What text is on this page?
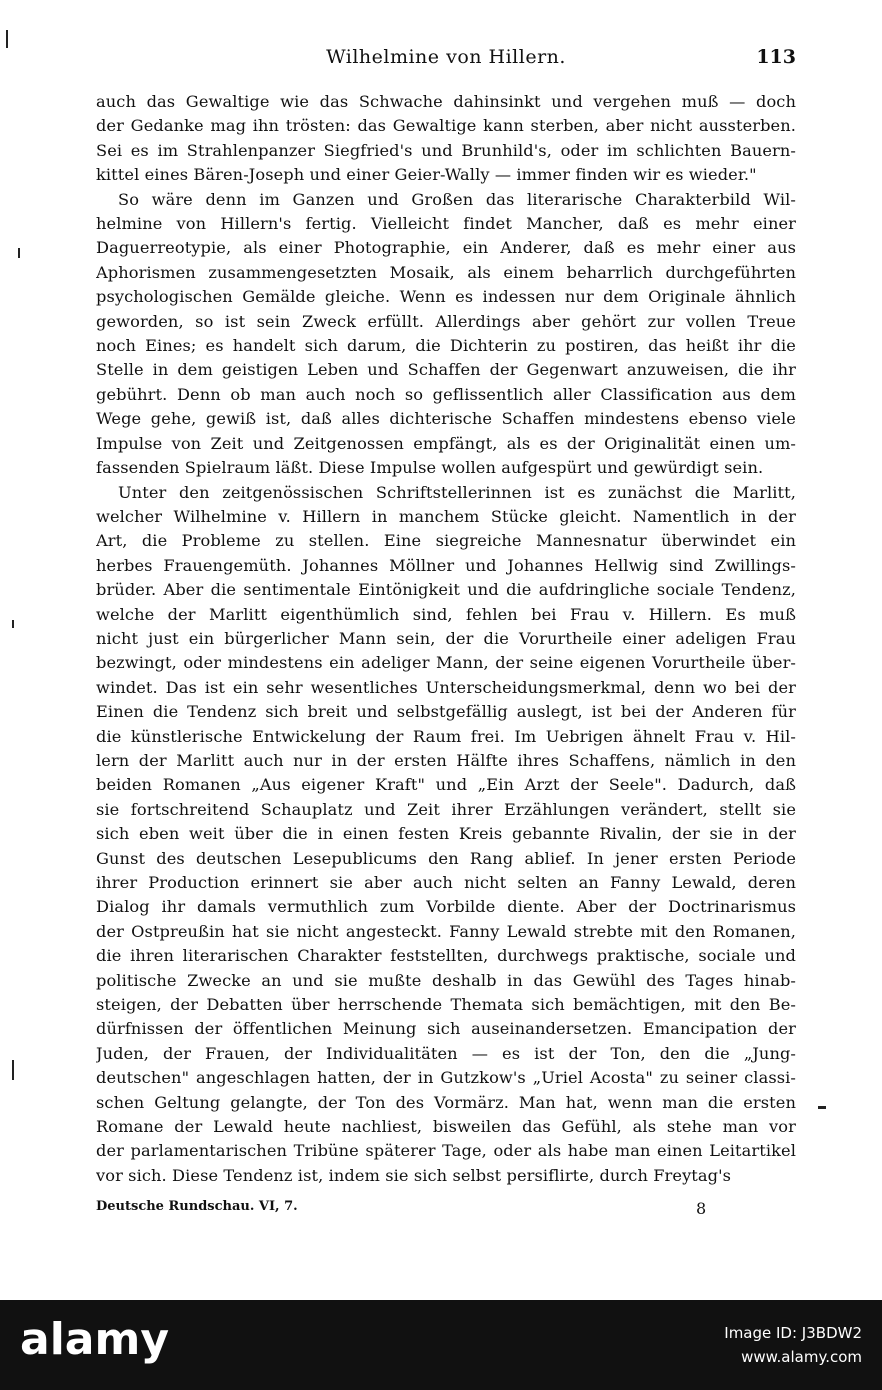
Wilhelmine von Hillern.	113
auch das Gewaltige wie das Schwache dahinsinkt und vergehen muß — doch
der Gedanke mag ihn trösten: das Gewaltige kann sterben, aber nicht aussterben.
Sei es im Strahlenpanzer Siegfried's und Brunhild's, oder im schlichten Bauern-
kittel eines Bären-Joseph und einer Geier-Wally — immer finden wir es wieder."
So wäre denn im Ganzen und Großen das literarische Charakterbild Wil-
helmine von Hillern's fertig. Vielleicht findet Mancher, daß es mehr einer
Daguerreotypie, als einer Photographie, ein Anderer, daß es mehr einer aus
Aphorismen zusammengesetzten Mosaik, als einem beharrlich durchgeführten
psychologischen Gemälde gleiche. Wenn es indessen nur dem Originale ähnlich
geworden, so ist sein Zweck erfüllt. Allerdings aber gehört zur vollen Treue
noch Eines; es handelt sich darum, die Dichterin zu postiren, das heißt ihr die
Stelle in dem geistigen Leben und Schaffen der Gegenwart anzuweisen, die ihr
gebührt. Denn ob man auch noch so geflissentlich aller Classification aus dem
Wege gehe, gewiß ist, daß alles dichterische Schaffen mindestens ebenso viele
Impulse von Zeit und Zeitgenossen empfängt, als es der Originalität einen um-
fassenden Spielraum läßt. Diese Impulse wollen aufgespürt und gewürdigt sein.
Unter den zeitgenössischen Schriftstellerinnen ist es zunächst die Marlitt,
welcher Wilhelmine v. Hillern in manchem Stücke gleicht. Namentlich in der
Art, die Probleme zu stellen. Eine siegreiche Mannesnatur überwindet ein
herbes Frauengemüth. Johannes Möllner und Johannes Hellwig sind Zwillings-
brüder. Aber die sentimentale Eintönigkeit und die aufdringliche sociale Tendenz,
welche der Marlitt eigenthümlich sind, fehlen bei Frau v. Hillern. Es muß
nicht just ein bürgerlicher Mann sein, der die Vorurtheile einer adeligen Frau
bezwingt, oder mindestens ein adeliger Mann, der seine eigenen Vorurtheile über-
windet. Das ist ein sehr wesentliches Unterscheidungsmerkmal, denn wo bei der
Einen die Tendenz sich breit und selbstgefällig auslegt, ist bei der Anderen für
die künstlerische Entwickelung der Raum frei. Im Uebrigen ähnelt Frau v. Hil-
lern der Marlitt auch nur in der ersten Hälfte ihres Schaffens, nämlich in den
beiden Romanen „Aus eigener Kraft" und „Ein Arzt der Seele". Dadurch, daß
sie fortschreitend Schauplatz und Zeit ihrer Erzählungen verändert, stellt sie
sich eben weit über die in einen festen Kreis gebannte Rivalin, der sie in der
Gunst des deutschen Lesepublicums den Rang ablief. In jener ersten Periode
ihrer Production erinnert sie aber auch nicht selten an Fanny Lewald, deren
Dialog ihr damals vermuthlich zum Vorbilde diente. Aber der Doctrinarismus
der Ostpreußin hat sie nicht angesteckt. Fanny Lewald strebte mit den Romanen,
die ihren literarischen Charakter feststellten, durchwegs praktische, sociale und
politische Zwecke an und sie mußte deshalb in das Gewühl des Tages hinab-
steigen, der Debatten über herrschende Themata sich bemächtigen, mit den Be-
dürfnissen der öffentlichen Meinung sich auseinandersetzen. Emancipation der
Juden, der Frauen, der Individualitäten — es ist der Ton, den die „Jung-
deutschen" angeschlagen hatten, der in Gutzkow's „Uriel Acosta" zu seiner classi-
schen Geltung gelangte, der Ton des Vormärz. Man hat, wenn man die ersten
Romane der Lewald heute nachliest, bisweilen das Gefühl, als stehe man vor
der parlamentarischen Tribüne späterer Tage, oder als habe man einen Leitartikel
vor sich. Diese Tendenz ist, indem sie sich selbst persiflirte, durch Freytag's
Deutsche Rundschau. VI, 7.	8
alamy	Image ID: J3BDW2
www.alamy.com
